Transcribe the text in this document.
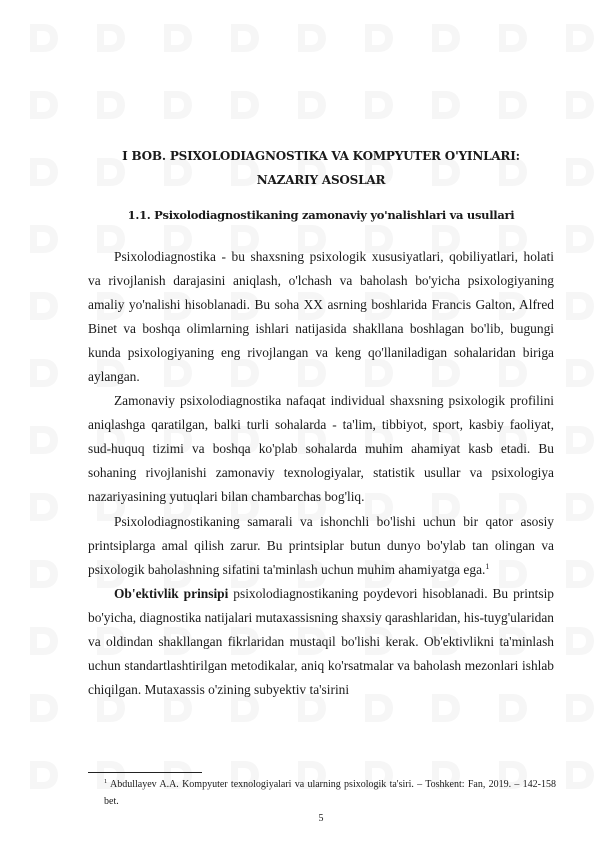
I BOB. PSIXOLODIAGNOSTIKA VA KOMPYUTER O'YINLARI:
NAZARIY ASOSLAR
1.1. Psixolodiagnostikaning zamonaviy yo'nalishlari va usullari

Psixolodiagnostika - bu shaxsning psixologik xususiyatlari, qobiliyatlari, holati va rivojlanish darajasini aniqlash, o'lchash va baholash bo'yicha psixologiyaning amaliy yo'nalishi hisoblanadi. Bu soha XX asrning boshlarida Francis Galton, Alfred Binet va boshqa olimlarning ishlari natijasida shakllana boshlagan bo'lib, bugungi kunda psixologiyaning eng rivojlangan va keng qo'llaniladigan sohalaridan biriga aylangan.

Zamonaviy psixolodiagnostika nafaqat individual shaxsning psixologik profilini aniqlashga qaratilgan, balki turli sohalarda - ta'lim, tibbiyot, sport, kasbiy faoliyat, sud-huquq tizimi va boshqa ko'plab sohalarda muhim ahamiyat kasb etadi. Bu sohaning rivojlanishi zamonaviy texnologiyalar, statistik usullar va psixologiya nazariyasining yutuqlari bilan chambarchas bog'liq.

Psixolodiagnostikaning samarali va ishonchli bo'lishi uchun bir qator asosiy printsiplarga amal qilish zarur. Bu printsiplar butun dunyo bo'ylab tan olingan va psixologik baholashning sifatini ta'minlash uchun muhim ahamiyatga ega.$^1$

Ob'ektivlik prinsipi psixolodiagnostikaning poydevori hisoblanadi. Bu printsip bo'yicha, diagnostika natijalari mutaxassisning shaxsiy qarashlaridan, his-tuyg'ularidan va oldindan shakllangan fikrlaridan mustaqil bo'lishi kerak. Ob'ektivlikni ta'minlash uchun standartlashtirilgan metodikalar, aniq ko'rsatmalar va baholash mezonlari ishlab chiqilgan. Mutaxassis o'zining subyektiv ta'sirini

$^1$ Abdullayev A.A. Kompyuter texnologiyalari va ularning psixologik ta'siri. – Toshkent: Fan, 2019. – 142-158 bet.
5
